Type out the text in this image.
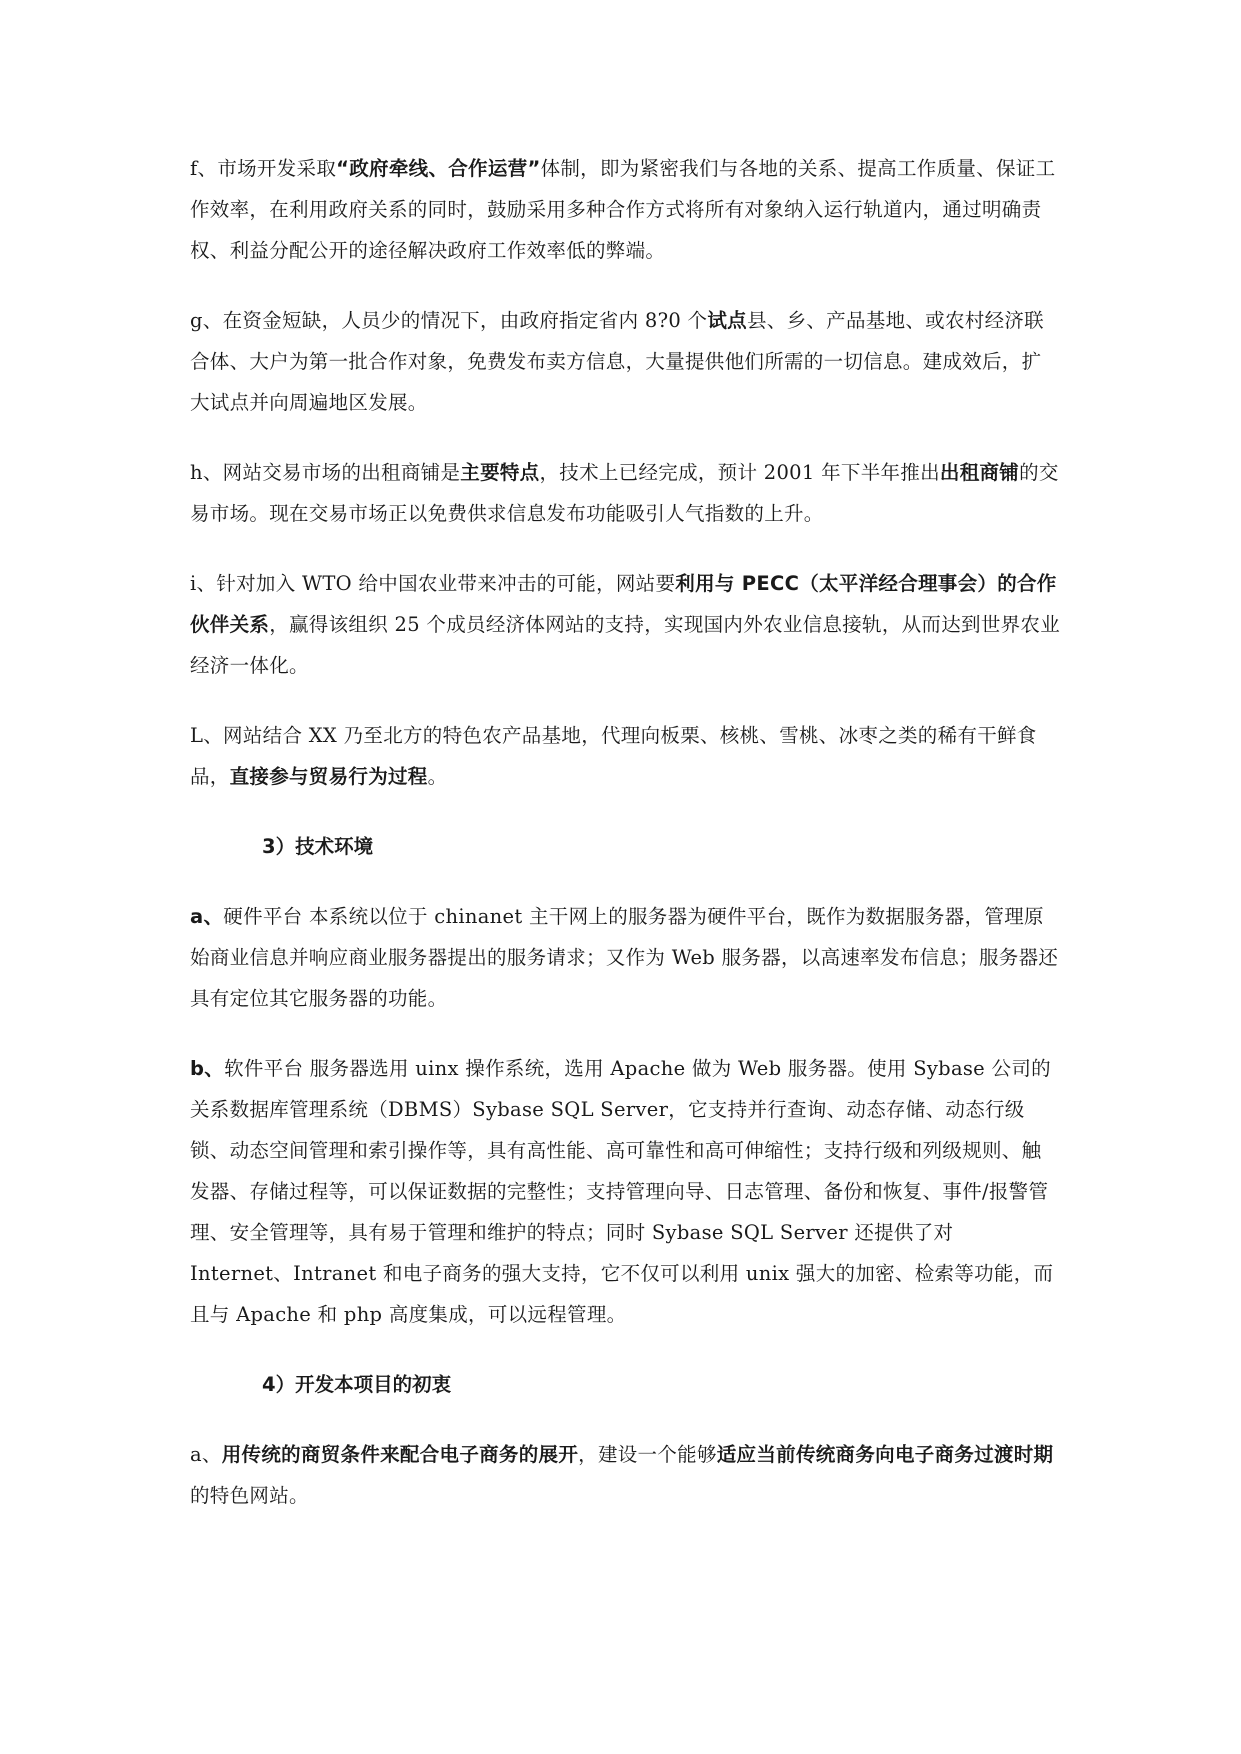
f、市场开发采取“政府牵线、合作运营”体制，即为紧密我们与各地的关系、提高工作质量、保证工作效率，在利用政府关系的同时，鼓励采用多种合作方式将所有对象纳入运行轨道内，通过明确责权、利益分配公开的途径解决政府工作效率低的弊端。

g、在资金短缺，人员少的情况下，由政府指定省内 8?0 个试点县、乡、产品基地、或农村经济联合体、大户为第一批合作对象，免费发布卖方信息，大量提供他们所需的一切信息。建成效后，扩大试点并向周遍地区发展。

h、网站交易市场的出租商铺是主要特点，技术上已经完成，预计 2001 年下半年推出出租商铺的交易市场。现在交易市场正以免费供求信息发布功能吸引人气指数的上升。

i、针对加入 WTO 给中国农业带来冲击的可能，网站要利用与 PECC（太平洋经合理事会）的合作伙伴关系，赢得该组织 25 个成员经济体网站的支持，实现国内外农业信息接轨，从而达到世界农业经济一体化。

L、网站结合 XX 乃至北方的特色农产品基地，代理向板栗、核桃、雪桃、冰枣之类的稀有干鲜食品，直接参与贸易行为过程。

3）技术环境

a、硬件平台 本系统以位于 chinanet 主干网上的服务器为硬件平台，既作为数据服务器，管理原始商业信息并响应商业服务器提出的服务请求；又作为 Web 服务器，以高速率发布信息；服务器还具有定位其它服务器的功能。

b、软件平台 服务器选用 uinx 操作系统，选用 Apache 做为 Web 服务器。使用 Sybase 公司的关系数据库管理系统（DBMS）Sybase SQL Server，它支持并行查询、动态存储、动态行级锁、动态空间管理和索引操作等，具有高性能、高可靠性和高可伸缩性；支持行级和列级规则、触发器、存储过程等，可以保证数据的完整性；支持管理向导、日志管理、备份和恢复、事件/报警管理、安全管理等，具有易于管理和维护的特点；同时 Sybase SQL Server 还提供了对 Internet、Intranet 和电子商务的强大支持，它不仅可以利用 unix 强大的加密、检索等功能，而且与 Apache 和 php 高度集成，可以远程管理。

4）开发本项目的初衷

a、用传统的商贸条件来配合电子商务的展开，建设一个能够适应当前传统商务向电子商务过渡时期的特色网站。
